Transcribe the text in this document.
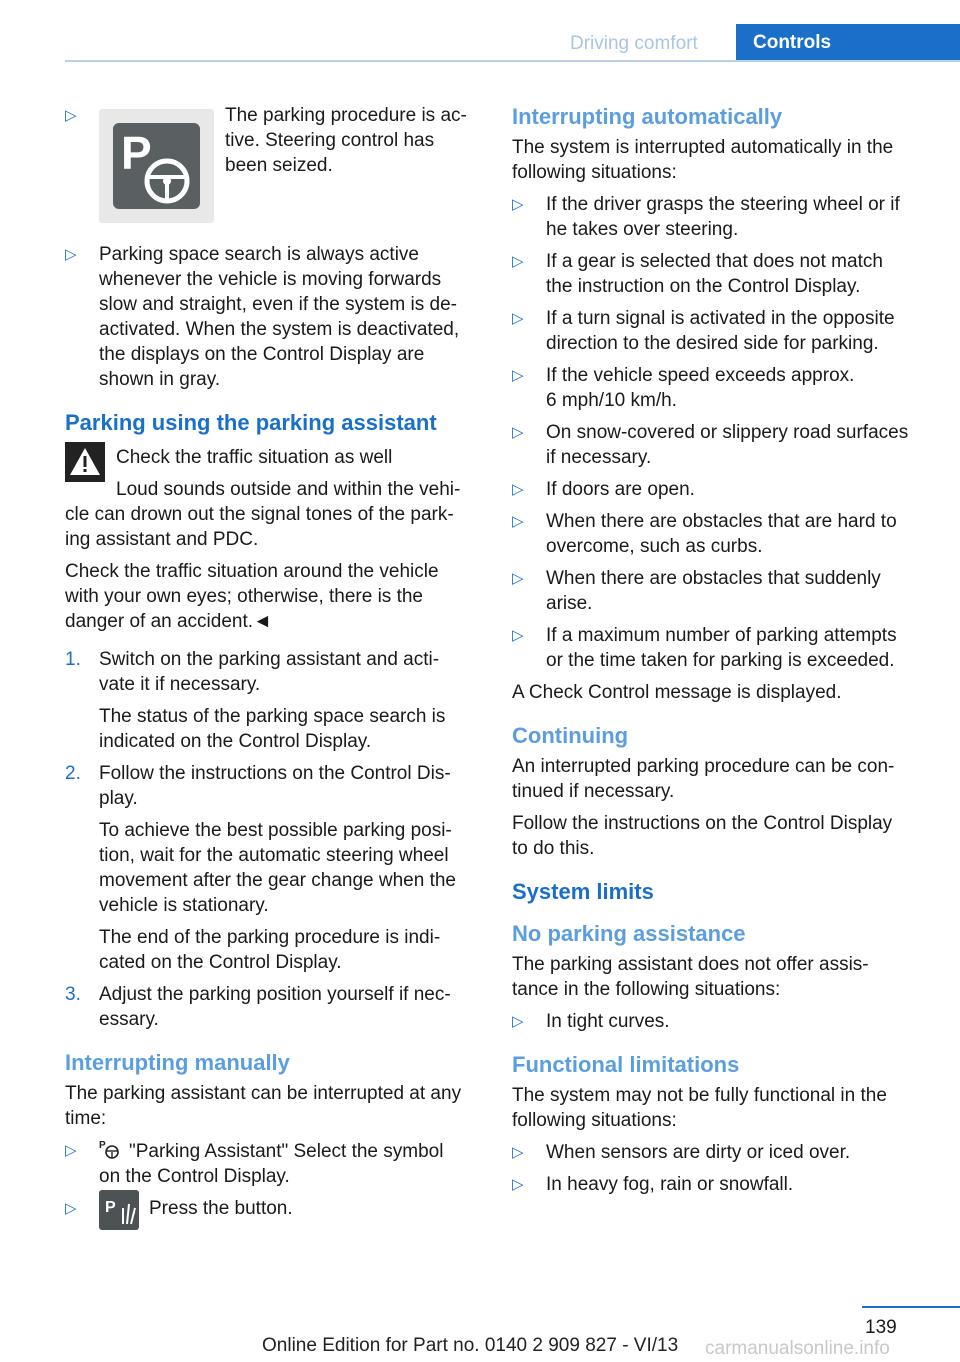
Driving comfort	Controls
▷
P
The parking procedure is ac‐
tive. Steering control has
been seized.
▷ Parking space search is always active
whenever the vehicle is moving forwards
slow and straight, even if the system is de‐
activated. When the system is deactivated,
the displays on the Control Display are
shown in gray.
Parking using the parking assistant
Check the traffic situation as well
Loud sounds outside and within the vehi‐
cle can drown out the signal tones of the park‐
ing assistant and PDC.
Check the traffic situation around the vehicle
with your own eyes; otherwise, there is the
danger of an accident.◄
1. Switch on the parking assistant and acti‐
vate it if necessary.

The status of the parking space search is
indicated on the Control Display.

2. Follow the instructions on the Control Dis‐
play.

To achieve the best possible parking posi‐
tion, wait for the automatic steering wheel
movement after the gear change when the
vehicle is stationary.

The end of the parking procedure is indi‐
cated on the Control Display.

3. Adjust the parking position yourself if nec‐
essary.

Interrupting manually
The parking assistant can be interrupted at any
time:
▷ P "Parking Assistant" Select the symbol
on the Control Display.
▷ P Press the button.
Interrupting automatically
The system is interrupted automatically in the
following situations:
▷ If the driver grasps the steering wheel or if
he takes over steering.
▷ If a gear is selected that does not match
the instruction on the Control Display.
▷ If a turn signal is activated in the opposite
direction to the desired side for parking.
▷ If the vehicle speed exceeds approx.
6 mph/10 km/h.
▷ On snow-covered or slippery road surfaces
if necessary.
▷ If doors are open.
▷ When there are obstacles that are hard to
overcome, such as curbs.
▷ When there are obstacles that suddenly
arise.
▷ If a maximum number of parking attempts
or the time taken for parking is exceeded.

A Check Control message is displayed.

Continuing

An interrupted parking procedure can be con‐
tinued if necessary.

Follow the instructions on the Control Display
to do this.

System limits
No parking assistance

The parking assistant does not offer assis‐
tance in the following situations:

▷ In tight curves.
Functional limitations

The system may not be fully functional in the
following situations:

▷ When sensors are dirty or iced over.
▷ In heavy fog, rain or snowfall.
139
Online Edition for Part no. 0140 2 909 827 - VI/13 carmanualsonline.info
